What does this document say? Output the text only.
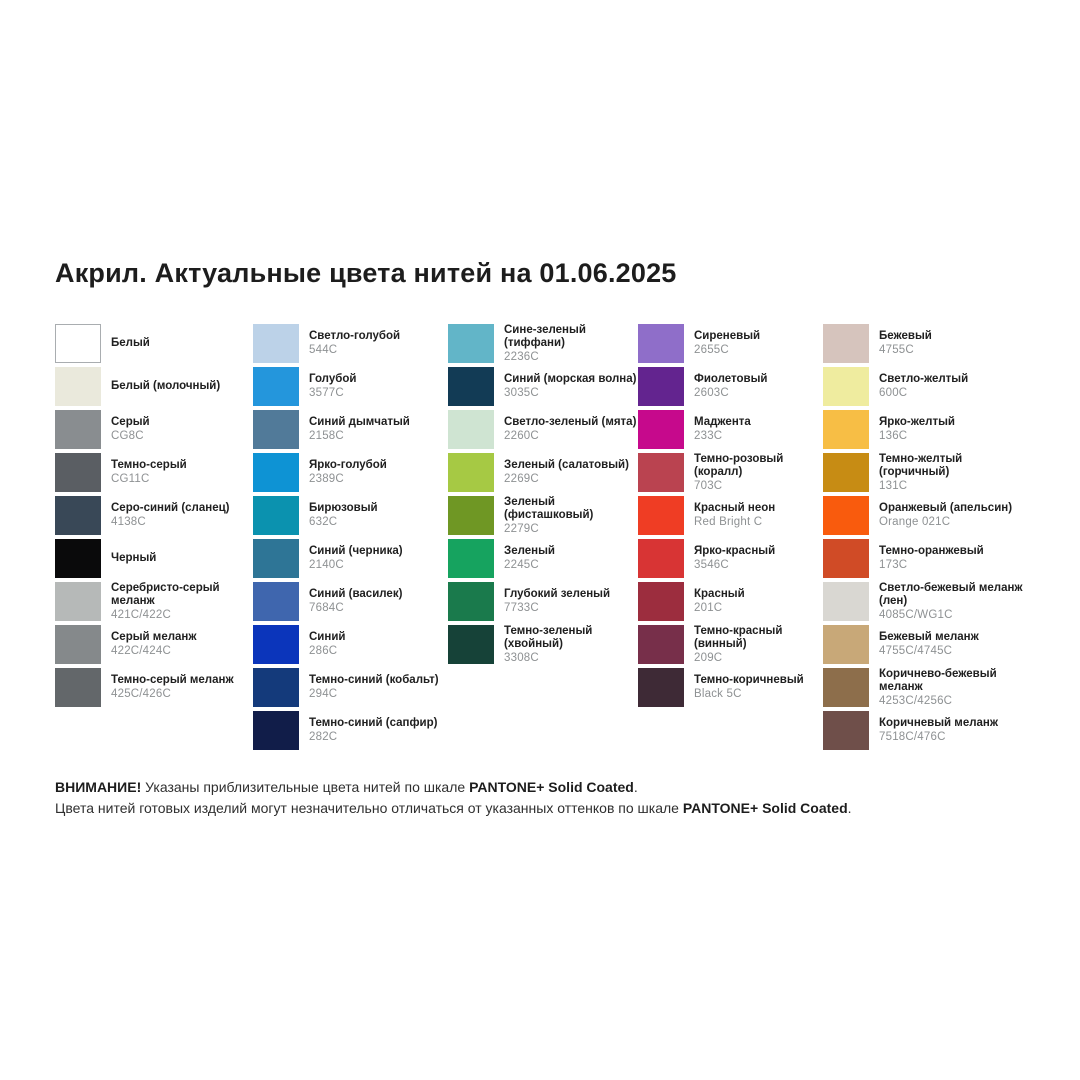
Акрил. Актуальные цвета нитей на 01.06.2025
Белый
Белый (молочный)
Серый
CG8C
Темно-серый
CG11C
Серо-синий (сланец)
4138C
Черный
Серебристо-серый меланж
421C/422C
Серый меланж
422C/424C
Темно-серый меланж
425C/426C
Светло-голубой
544C
Голубой
3577C
Синий дымчатый
2158C
Ярко-голубой
2389C
Бирюзовый
632C
Синий (черника)
2140C
Синий (василек)
7684C
Синий
286C
Темно-синий (кобальт)
294C
Темно-синий (сапфир)
282C
Сине-зеленый (тиффани)
2236C
Синий (морская волна)
3035C
Светло-зеленый (мята)
2260C
Зеленый (салатовый)
2269C
Зеленый (фисташковый)
2279C
Зеленый
2245C
Глубокий зеленый
7733C
Темно-зеленый (хвойный)
3308C
Сиреневый
2655C
Фиолетовый
2603C
Маджента
233C
Темно-розовый (коралл)
703C
Красный неон
Red Bright C
Ярко-красный
3546C
Красный
201C
Темно-красный (винный)
209C
Темно-коричневый
Black 5C
Бежевый
4755C
Светло-желтый
600C
Ярко-желтый
136C
Темно-желтый (горчичный)
131C
Оранжевый (апельсин)
Orange 021C
Темно-оранжевый
173C
Светло-бежевый меланж (лен)
4085C/WG1C
Бежевый меланж
4755C/4745C
Коричнево-бежевый меланж
4253C/4256C
Коричневый меланж
7518C/476C
ВНИМАНИЕ! Указаны приблизительные цвета нитей по шкале PANTONE+ Solid Coated.
Цвета нитей готовых изделий могут незначительно отличаться от указанных оттенков по шкале PANTONE+ Solid Coated.
